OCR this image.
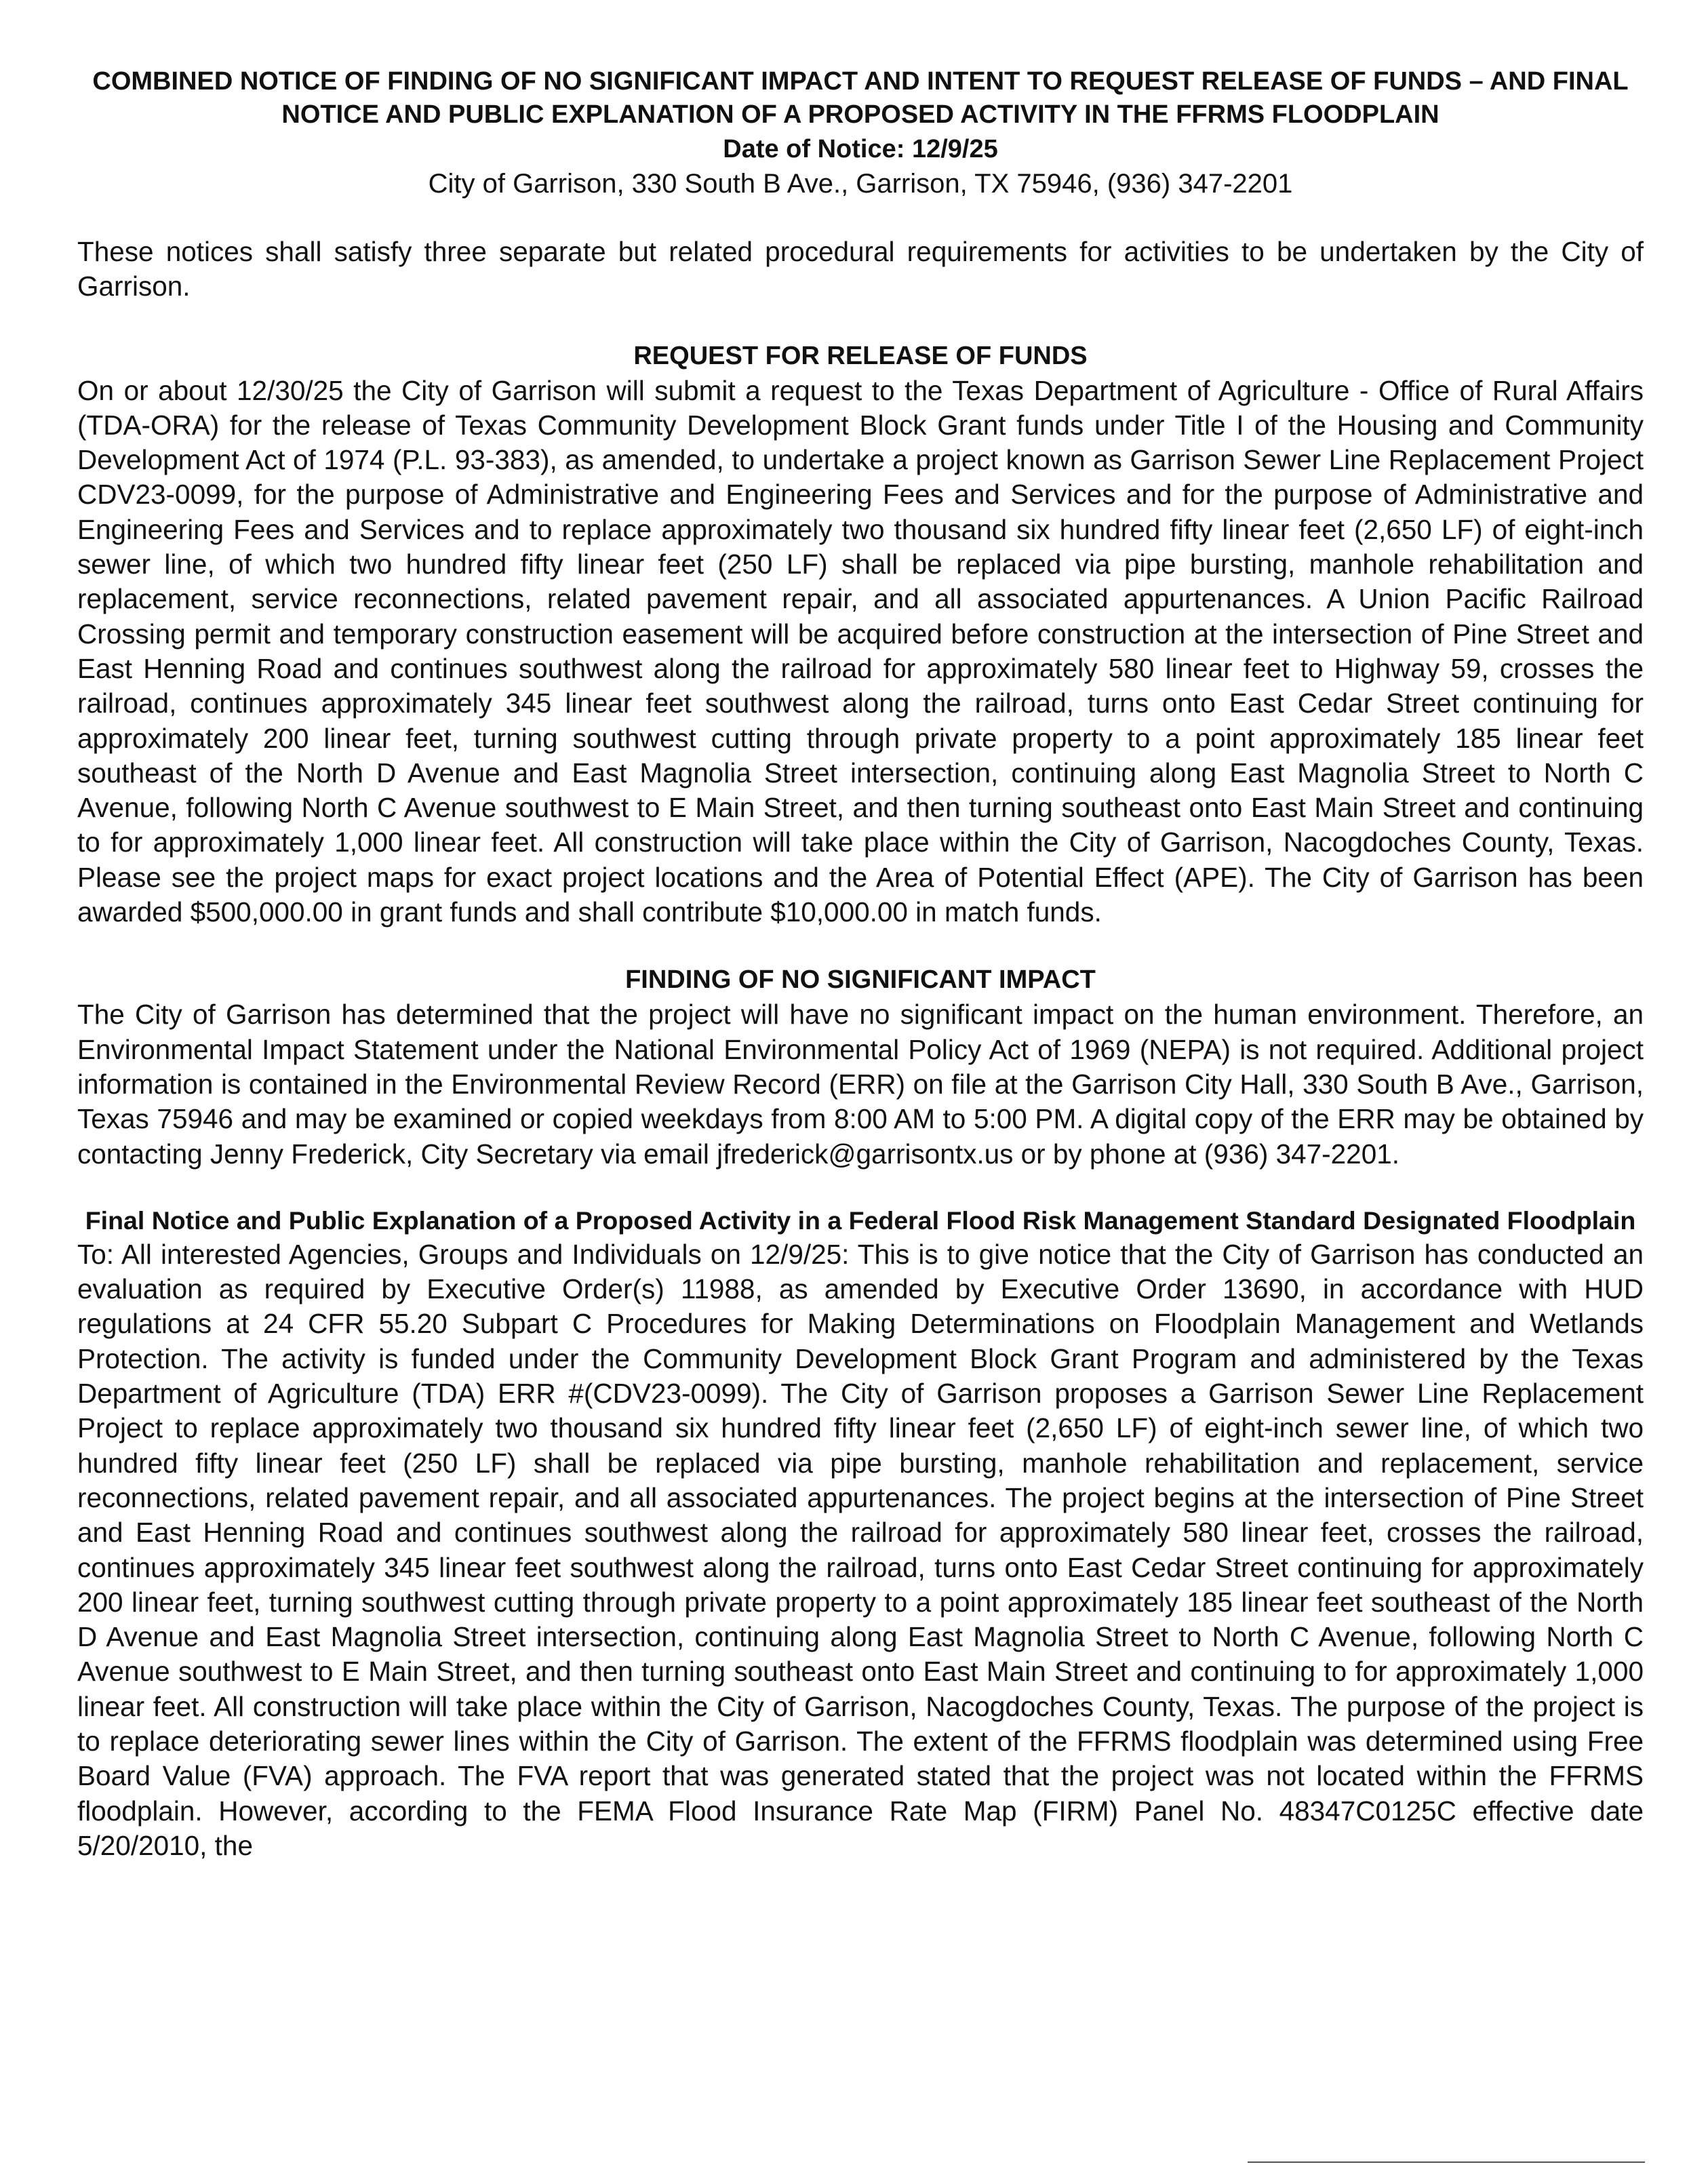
COMBINED NOTICE OF FINDING OF NO SIGNIFICANT IMPACT AND INTENT TO REQUEST RELEASE OF FUNDS – AND FINAL NOTICE AND PUBLIC EXPLANATION OF A PROPOSED ACTIVITY IN THE FFRMS FLOODPLAIN

Date of Notice: 12/9/25

City of Garrison, 330 South B Ave., Garrison, TX 75946, (936) 347-2201

These notices shall satisfy three separate but related procedural requirements for activities to be undertaken by the City of Garrison.

REQUEST FOR RELEASE OF FUNDS

On or about 12/30/25 the City of Garrison will submit a request to the Texas Department of Agriculture - Office of Rural Affairs (TDA-ORA) for the release of Texas Community Development Block Grant funds under Title I of the Housing and Community Development Act of 1974 (P.L. 93-383), as amended, to undertake a project known as Garrison Sewer Line Replacement Project CDV23-0099, for the purpose of Administrative and Engineering Fees and Services and for the purpose of Administrative and Engineering Fees and Services and to replace approximately two thousand six hundred fifty linear feet (2,650 LF) of eight-inch sewer line, of which two hundred fifty linear feet (250 LF) shall be replaced via pipe bursting, manhole rehabilitation and replacement, service reconnections, related pavement repair, and all associated appurtenances. A Union Pacific Railroad Crossing permit and temporary construction easement will be acquired before construction at the intersection of Pine Street and East Henning Road and continues southwest along the railroad for approximately 580 linear feet to Highway 59, crosses the railroad, continues approximately 345 linear feet southwest along the railroad, turns onto East Cedar Street continuing for approximately 200 linear feet, turning southwest cutting through private property to a point approximately 185 linear feet southeast of the North D Avenue and East Magnolia Street intersection, continuing along East Magnolia Street to North C Avenue, following North C Avenue southwest to E Main Street, and then turning southeast onto East Main Street and continuing to for approximately 1,000 linear feet. All construction will take place within the City of Garrison, Nacogdoches County, Texas. Please see the project maps for exact project locations and the Area of Potential Effect (APE). The City of Garrison has been awarded $500,000.00 in grant funds and shall contribute $10,000.00 in match funds.

FINDING OF NO SIGNIFICANT IMPACT

The City of Garrison has determined that the project will have no significant impact on the human environment. Therefore, an Environmental Impact Statement under the National Environmental Policy Act of 1969 (NEPA) is not required. Additional project information is contained in the Environmental Review Record (ERR) on file at the Garrison City Hall, 330 South B Ave., Garrison, Texas 75946 and may be examined or copied weekdays from 8:00 AM to 5:00 PM. A digital copy of the ERR may be obtained by contacting Jenny Frederick, City Secretary via email jfrederick@garrisontx.us or by phone at (936) 347-2201.

Final Notice and Public Explanation of a Proposed Activity in a Federal Flood Risk Management Standard Designated Floodplain

To: All interested Agencies, Groups and Individuals on 12/9/25: This is to give notice that the City of Garrison has conducted an evaluation as required by Executive Order(s) 11988, as amended by Executive Order 13690, in accordance with HUD regulations at 24 CFR 55.20 Subpart C Procedures for Making Determinations on Floodplain Management and Wetlands Protection. The activity is funded under the Community Development Block Grant Program and administered by the Texas Department of Agriculture (TDA) ERR #(CDV23-0099). The City of Garrison proposes a Garrison Sewer Line Replacement Project to replace approximately two thousand six hundred fifty linear feet (2,650 LF) of eight-inch sewer line, of which two hundred fifty linear feet (250 LF) shall be replaced via pipe bursting, manhole rehabilitation and replacement, service reconnections, related pavement repair, and all associated appurtenances. The project begins at the intersection of Pine Street and East Henning Road and continues southwest along the railroad for approximately 580 linear feet, crosses the railroad, continues approximately 345 linear feet southwest along the railroad, turns onto East Cedar Street continuing for approximately 200 linear feet, turning southwest cutting through private property to a point approximately 185 linear feet southeast of the North D Avenue and East Magnolia Street intersection, continuing along East Magnolia Street to North C Avenue, following North C Avenue southwest to E Main Street, and then turning southeast onto East Main Street and continuing to for approximately 1,000 linear feet. All construction will take place within the City of Garrison, Nacogdoches County, Texas. The purpose of the project is to replace deteriorating sewer lines within the City of Garrison. The extent of the FFRMS floodplain was determined using Free Board Value (FVA) approach. The FVA report that was generated stated that the project was not located within the FFRMS floodplain. However, according to the FEMA Flood Insurance Rate Map (FIRM) Panel No. 48347C0125C effective date 5/20/2010, the
